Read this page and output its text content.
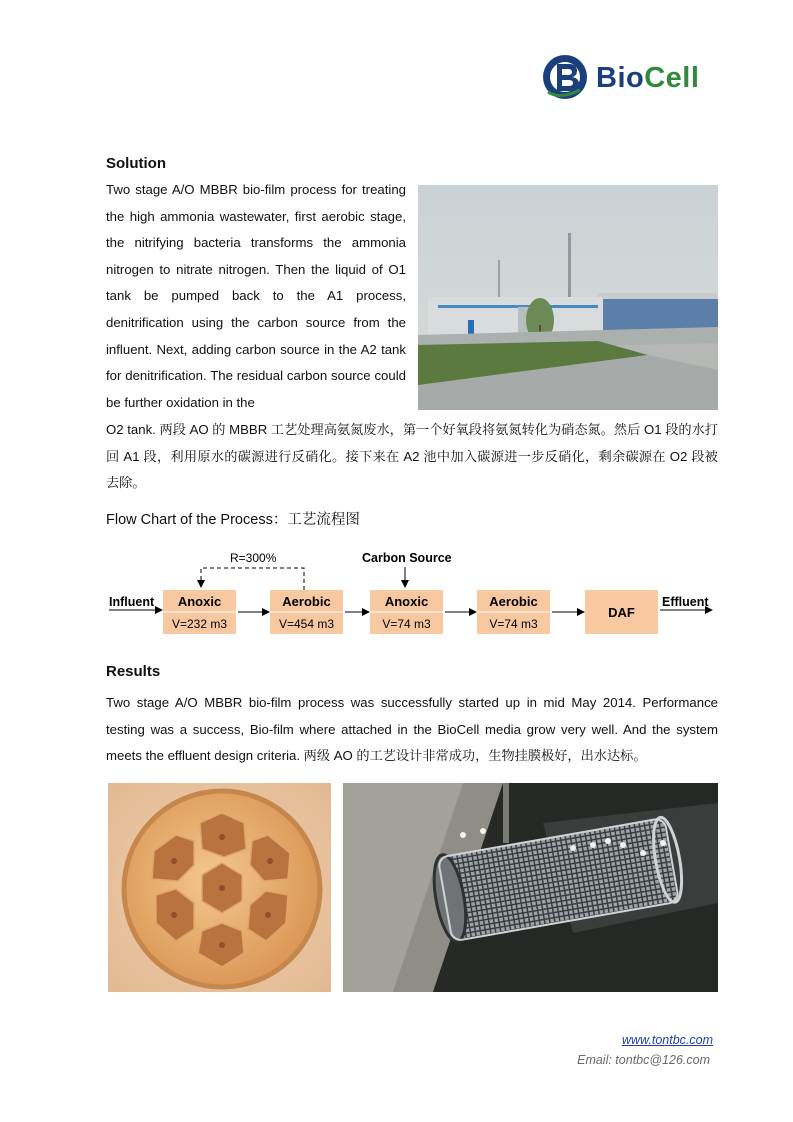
BioCell
Solution
Two stage A/O MBBR bio-film process for treating the high ammonia wastewater, first aerobic stage, the nitrifying bacteria transforms the ammonia nitrogen to nitrate nitrogen. Then the liquid of O1 tank be pumped back to the A1 process, denitrification using the carbon source from the influent. Next, adding carbon source in the A2 tank for denitrification. The residual carbon source could be further oxidation in the
O2 tank. 两段 AO 的 MBBR 工艺处理高氨氮废水，第一个好氧段将氨氮转化为硝态氮。然后 O1 段的水打回 A1 段，利用原水的碳源进行反硝化。接下来在 A2 池中加入碳源进一步反硝化，剩余碳源在 O2 段被去除。
Flow Chart of the Process：工艺流程图
Influent	Effluent
R=300%	Carbon Source
Anoxic
V=232 m3
Aerobic
V=454 m3
Anoxic
V=74 m3
Aerobic
V=74 m3
DAF
Results
Two stage A/O MBBR bio-film process was successfully started up in mid May 2014. Performance testing was a success, Bio-film where attached in the BioCell media grow very well. And the system meets the effluent design criteria. 两级 AO 的工艺设计非常成功，生物挂膜极好，出水达标。
www.tontbc.com
Email: tontbc@126.com
